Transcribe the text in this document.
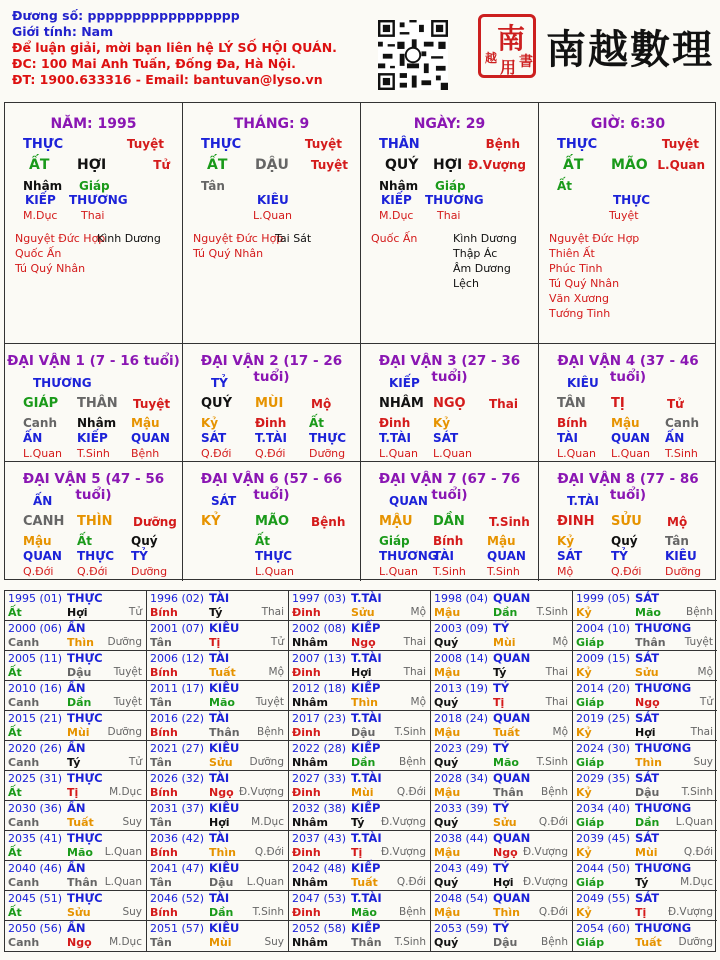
Đương số: ppppppppppppppppp
Giới tính: Nam
Để luận giải, mời bạn liên hệ LÝ SỐ HỘI QUÁN.
ĐC: 100 Mai Anh Tuấn, Đống Đa, Hà Nội.
ĐT: 1900.633316 - Email: bantuvan@lyso.vn
南
越 用 書 南越數理
NĂM: 1995
THỰC	Tuyệt
ẤT HỢI	Tử
Nhâm Giáp
KIẾP THƯƠNG
M.Dục Thai
Nguyệt Đức Hợp
Quốc Ấn
Tú Quý Nhân
Kình Dương
THÁNG: 9
THỰC	Tuyệt
ẤT DẬU Tuyệt
Tân
KIÊU
L.Quan
Nguyệt Đức Hợp
Tú Quý Nhân
Tai Sát
NGÀY: 29
THÂN	Bệnh
QUÝ HỢI Đ.Vượng
Nhâm Giáp
KIẾP THƯƠNG
M.Dục Thai
Quốc Ấn	Kình Dương
Thập Ác
Âm Dương Lệch
GIỜ: 6:30
THỰC	Tuyệt
ẤT MÃO L.Quan
Ất
THỰC
Tuyệt
Nguyệt Đức Hợp
Thiên Ất
Phúc Tinh
Tú Quý Nhân
Văn Xương
Tướng Tinh
ĐẠI VẬN 1 (7 - 16 tuổi)
THƯƠNG
GIÁP THÂN Tuyệt
Canh
ẤN
L.Quan
Nhâm
KIẾP
T.Sinh
Mậu
QUAN
Bệnh
ĐẠI VẬN 2 (17 - 26 tuổi)
TỶ
QUÝ MÙI Mộ
Kỷ
SÁT
Q.Đới
Đinh
T.TÀI
Q.Đới
Ất
THỰC
Dưỡng
ĐẠI VẬN 3 (27 - 36 tuổi)
KIẾP
NHÂM NGỌ Thai
Đinh
T.TÀI
L.Quan
Kỷ
SÁT
L.Quan
ĐẠI VẬN 4 (37 - 46 tuổi)
KIÊU
TÂN TỊ	Tử
Bính
TÀI
L.Quan
Mậu
QUAN
L.Quan
Canh
ẤN
T.Sinh
ĐẠI VẬN 5 (47 - 56 tuổi)
ẤN
CANH THÌN Dưỡng
Mậu
QUAN
Q.Đới
Ất
THỰC
Q.Đới
Quý
TỶ
Dưỡng
ĐẠI VẬN 6 (57 - 66 tuổi)
SÁT
KỶ	MÃO Bệnh
Ất
THỰC
L.Quan
ĐẠI VẬN 7 (67 - 76 tuổi)
QUAN
MẬU DẦN T.Sinh
Giáp
THƯƠNG
L.Quan
Bính
TÀI
T.Sinh
Mậu
QUAN
T.Sinh
ĐẠI VẬN 8 (77 - 86 tuổi)
T.TÀI
ĐINH SỬU Mộ
Kỷ
SÁT
Mộ
Quý
TỶ
Q.Đới
Tân
KIÊU
Dưỡng
1995 (01) THỰC
Ất	Hợi	Tử
1996 (02) TÀI
Bính	Tý	Thai
1997 (03) T.TÀI
Đinh	Sửu	Mộ
1998 (04) QUAN
Mậu	Dần T.Sinh
1999 (05) SÁT
Kỷ	Mão Bệnh
2000 (06) ẤN
Canh	Thìn Dưỡng
2001 (07) KIÊU
Tân	Tị	Tử
2002 (08) KIẾP
Nhâm Ngọ	Thai
2003 (09) TỶ
Quý	Mùi	Mộ
2004 (10) THƯƠNG
Giáp	Thân Tuyệt
2005 (11) THỰC
Ất	Dậu Tuyệt
2006 (12) TÀI
Bính	Tuất	Mộ
2007 (13) T.TÀI
Đinh	Hợi	Thai
2008 (14) QUAN
Mậu	Tý	Thai
2009 (15) SÁT
Kỷ	Sửu	Mộ
2010 (16) ẤN
Canh	Dần Tuyệt
2011 (17) KIÊU
Tân	Mão Tuyệt
2012 (18) KIẾP
Nhâm Thìn	Mộ
2013 (19) TỶ
Quý	Tị	Thai
2014 (20) THƯƠNG
Giáp	Ngọ	Tử
2015 (21) THỰC
Ất	Mùi Dưỡng
2016 (22) TÀI
Bính	Thân Bệnh
2017 (23) T.TÀI
Đinh	Dậu T.Sinh
2018 (24) QUAN
Mậu	Tuất	Mộ
2019 (25) SÁT
Kỷ	Hợi	Thai
2020 (26) ẤN
Canh	Tý	Tử
2021 (27) KIÊU
Tân	Sửu Dưỡng
2022 (28) KIẾP
Nhâm Dần Bệnh
2023 (29) TỶ
Quý	Mão T.Sinh
2024 (30) THƯƠNG
Giáp	Thìn	Suy
2025 (31) THỰC
Ất	Tị	M.Dục
2026 (32) TÀI
Bính	Ngọ Đ.Vượng
2027 (33) T.TÀI
Đinh	Mùi Q.Đới
2028 (34) QUAN
Mậu	Thân Bệnh
2029 (35) SÁT
Kỷ	Dậu T.Sinh
2030 (36) ẤN
Canh	Tuất	Suy
2031 (37) KIÊU
Tân	Hợi M.Dục
2032 (38) KIẾP
Nhâm Tý Đ.Vượng
2033 (39) TỶ
Quý	Sửu Q.Đới
2034 (40) THƯƠNG
Giáp	Dần L.Quan
2035 (41) THỰC
Ất	Mão L.Quan
2036 (42) TÀI
Bính	Thìn Q.Đới
2037 (43) T.TÀI
Đinh	Tị Đ.Vượng
2038 (44) QUAN
Mậu	Ngọ Đ.Vượng
2039 (45) SÁT
Kỷ	Mùi	Q.Đới
2040 (46) ẤN
Canh	Thân L.Quan
2041 (47) KIÊU
Tân	Dậu L.Quan
2042 (48) KIẾP
Nhâm Tuất Q.Đới
2043 (49) TỶ
Quý	Hợi Đ.Vượng
2044 (50) THƯƠNG
Giáp	Tý	M.Dục
2045 (51) THỰC
Ất	Sửu	Suy
2046 (52) TÀI
Bính	Dần T.Sinh
2047 (53) T.TÀI
Đinh	Mão Bệnh
2048 (54) QUAN
Mậu	Thìn Q.Đới
2049 (55) SÁT
Kỷ	Tị Đ.Vượng
2050 (56) ẤN
Canh	Ngọ M.Dục
2051 (57) KIÊU
Tân	Mùi	Suy
2052 (58) KIẾP
Nhâm Thân T.Sinh
2053 (59) TỶ
Quý	Dậu Bệnh
2054 (60) THƯƠNG
Giáp	Tuất Dưỡng
